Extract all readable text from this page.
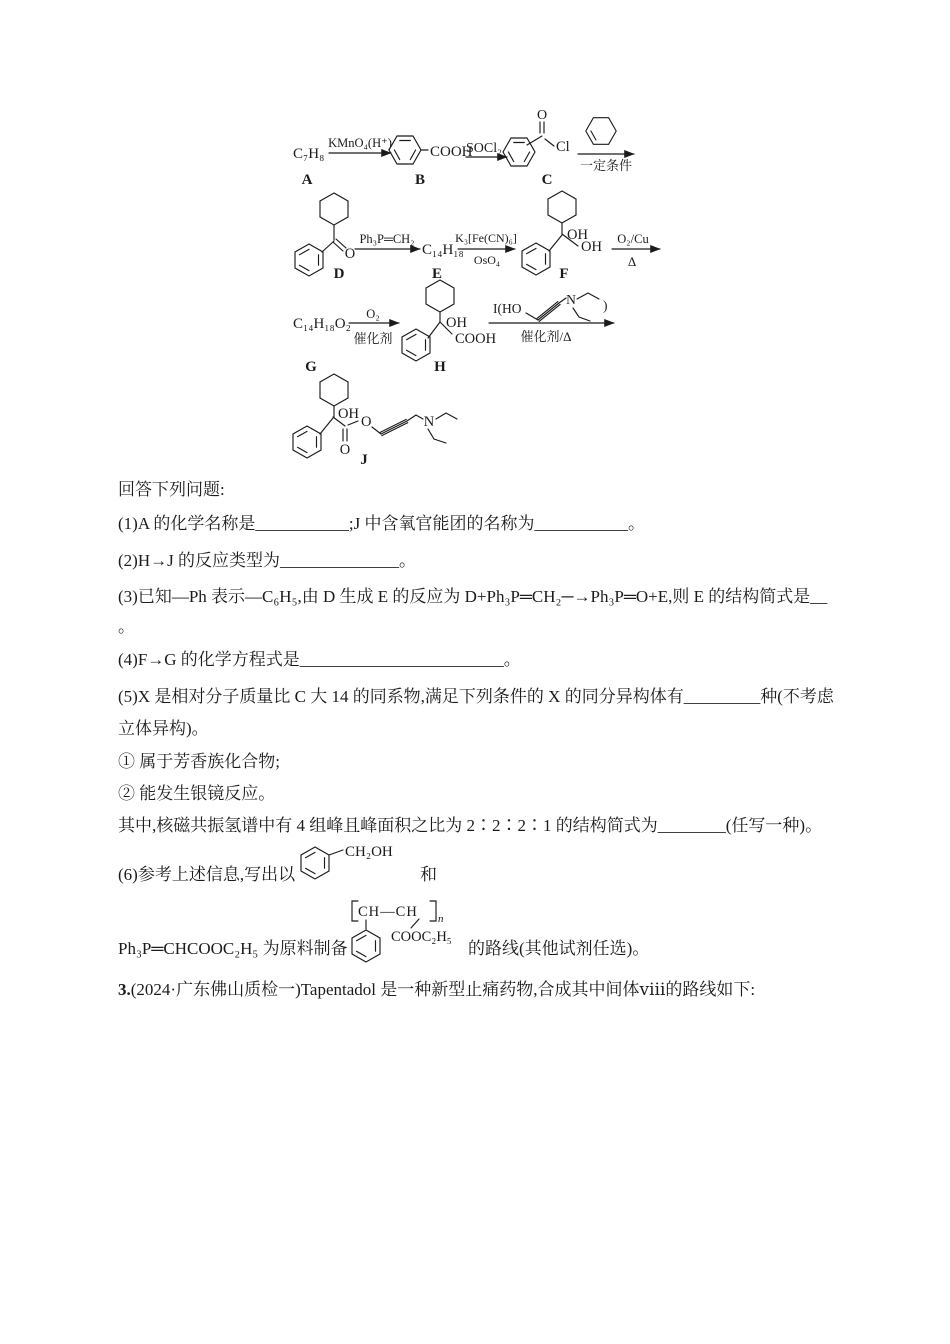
C₇H₈
A
KMnO₄(H⁺)
COOH
B
SOCl₂
O
Cl
C
一定条件
O
D
Ph₃P═CH₂
C₁₄H₁₈
E
K₃[Fe(CN)₆]
OsO₄
OH
OH
F
O₂/Cu
Δ
C₁₄H₁₈O₂
G
O₂
催化剂
OH
COOH
H
I(HO
N )
催化剂/Δ
OH
O
O	N
J
CH₂OH
CH—CH n
COOC₂H₅
回答下列问题:
(1)A 的化学名称是___________;J 中含氧官能团的名称为___________。
(2)H→J 的反应类型为______________。
(3)已知—Ph 表示—C₆H₅,由 D 生成 E 的反应为 D+Ph₃P═CH₂─→Ph₃P═O+E,则 E 的结构简式是__
。
(4)F→G 的化学方程式是________________________。
(5)X 是相对分子质量比 C 大 14 的同系物,满足下列条件的 X 的同分异构体有_________种(不考虑
立体异构)。
① 属于芳香族化合物;
② 能发生银镜反应。
其中,核磁共振氢谱中有 4 组峰且峰面积之比为 2∶2∶2∶1 的结构简式为________(任写一种)。
(6)参考上述信息,写出以	和
Ph₃P═CHCOOC₂H₅ 为原料制备	的路线(其他试剂任选)。
3.(2024·广东佛山质检一)Tapentadol 是一种新型止痛药物,合成其中间体ⅷ的路线如下:
